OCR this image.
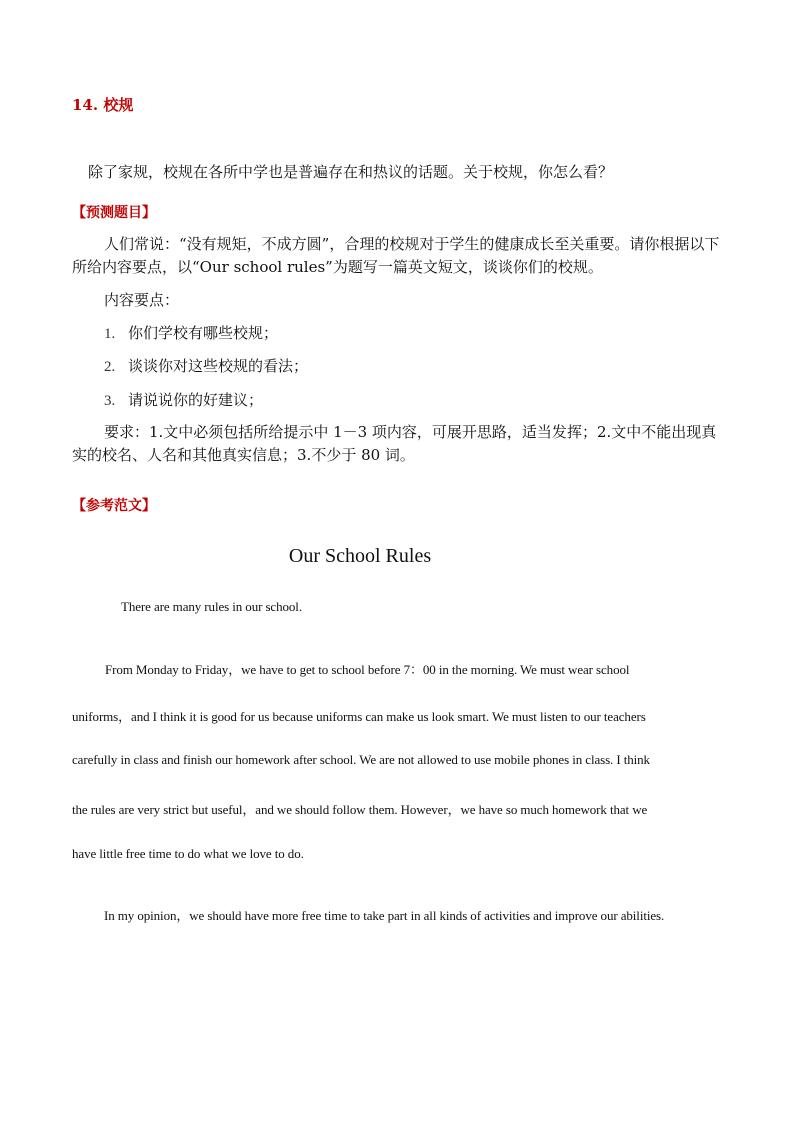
14. 校规
除了家规，校规在各所中学也是普遍存在和热议的话题。关于校规，你怎么看？
【预测题目】
人们常说：“没有规矩，不成方圆”，合理的校规对于学生的健康成长至关重要。请你根据以下所给内容要点，以“Our school rules”为题写一篇英文短文，谈谈你们的校规。
内容要点：
1. 你们学校有哪些校规；
2. 谈谈你对这些校规的看法；
3. 请说说你的好建议；
要求：1.文中必须包括所给提示中 1－3 项内容，可展开思路，适当发挥；2.文中不能出现真实的校名、人名和其他真实信息；3.不少于 80 词。
【参考范文】
Our School Rules
There are many rules in our school.
From Monday to Friday，we have to get to school before 7：00 in the morning. We must wear school
uniforms，and I think it is good for us because uniforms can make us look smart. We must listen to our teachers
carefully in class and finish our homework after school. We are not allowed to use mobile phones in class. I think
the rules are very strict but useful，and we should follow them. However，we have so much homework that we
have little free time to do what we love to do.
In my opinion，we should have more free time to take part in all kinds of activities and improve our abilities.
